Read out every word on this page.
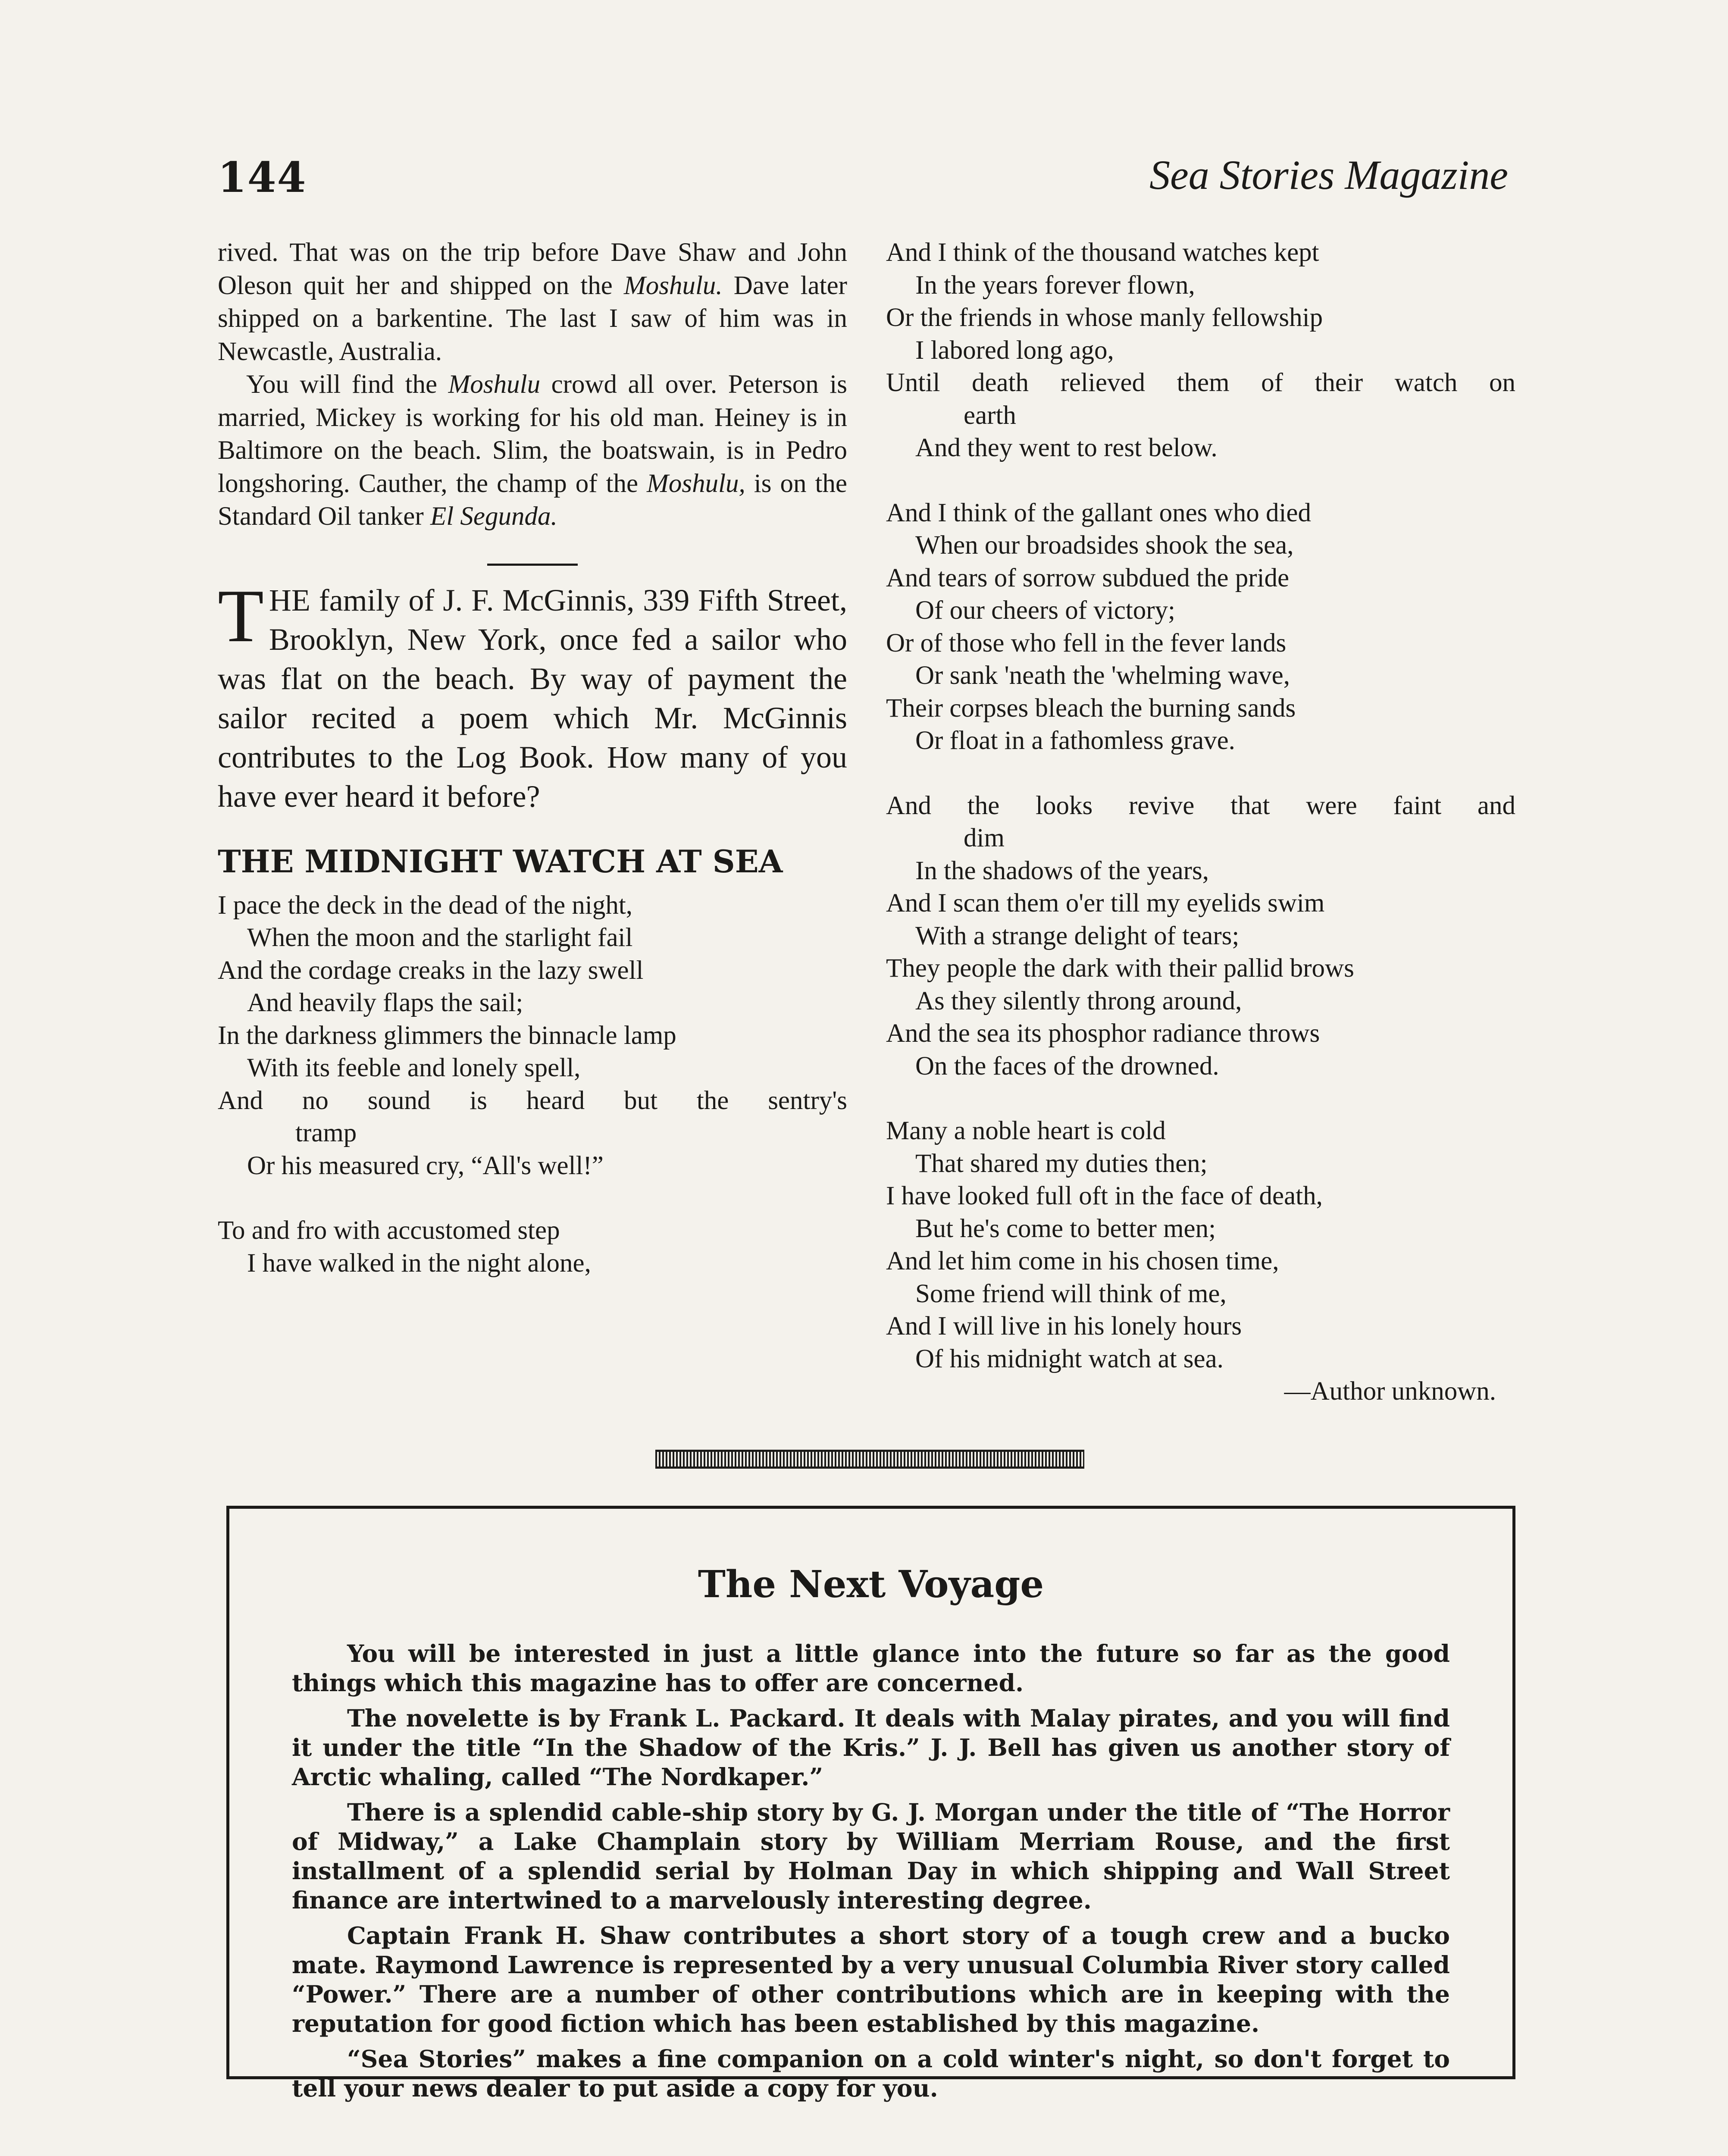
144	Sea Stories Magazine

rived. That was on the trip before Dave Shaw and John Oleson quit her and shipped on the Moshulu. Dave later shipped on a barkentine. The last I saw of him was in Newcastle, Australia.

You will find the Moshulu crowd all over. Peterson is married, Mickey is working for his old man. Heiney is in Baltimore on the beach. Slim, the boatswain, is in Pedro longshoring. Cauther, the champ of the Moshulu, is on the Standard Oil tanker El Segunda.

THE family of J. F. McGinnis, 339 Fifth Street, Brooklyn, New York, once fed a sailor who was flat on the beach. By way of payment the sailor recited a poem which Mr. McGinnis contributes to the Log Book. How many of you have ever heard it before?

THE MIDNIGHT WATCH AT SEA
I pace the deck in the dead of the night,
When the moon and the starlight fail
And the cordage creaks in the lazy swell
And heavily flaps the sail;
In the darkness glimmers the binnacle lamp
With its feeble and lonely spell,
And no sound is heard but the sentry's
tramp
Or his measured cry, “All's well!”
To and fro with accustomed step
I have walked in the night alone,
And I think of the thousand watches kept
In the years forever flown,
Or the friends in whose manly fellowship
I labored long ago,
Until death relieved them of their watch on
earth
And they went to rest below.
And I think of the gallant ones who died
When our broadsides shook the sea,
And tears of sorrow subdued the pride
Of our cheers of victory;
Or of those who fell in the fever lands
Or sank 'neath the 'whelming wave,
Their corpses bleach the burning sands
Or float in a fathomless grave.
And the looks revive that were faint and
dim
In the shadows of the years,
And I scan them o'er till my eyelids swim
With a strange delight of tears;
They people the dark with their pallid brows
As they silently throng around,
And the sea its phosphor radiance throws
On the faces of the drowned.
Many a noble heart is cold
That shared my duties then;
I have looked full oft in the face of death,
But he's come to better men;
And let him come in his chosen time,
Some friend will think of me,
And I will live in his lonely hours
Of his midnight watch at sea.
—Author unknown.
The Next Voyage

You will be interested in just a little glance into the future so far as the good things which this magazine has to offer are concerned.

The novelette is by Frank L. Packard. It deals with Malay pirates, and you will find it under the title “In the Shadow of the Kris.” J. J. Bell has given us another story of Arctic whaling, called “The Nordkaper.”

There is a splendid cable-ship story by G. J. Morgan under the title of “The Horror of Midway,” a Lake Champlain story by William Merriam Rouse, and the first installment of a splendid serial by Holman Day in which shipping and Wall Street finance are intertwined to a marvelously interesting degree.

Captain Frank H. Shaw contributes a short story of a tough crew and a bucko mate. Raymond Lawrence is represented by a very unusual Columbia River story called “Power.” There are a number of other contributions which are in keeping with the reputation for good fiction which has been established by this magazine.

“Sea Stories” makes a fine companion on a cold winter's night, so don't forget to tell your news dealer to put aside a copy for you.
